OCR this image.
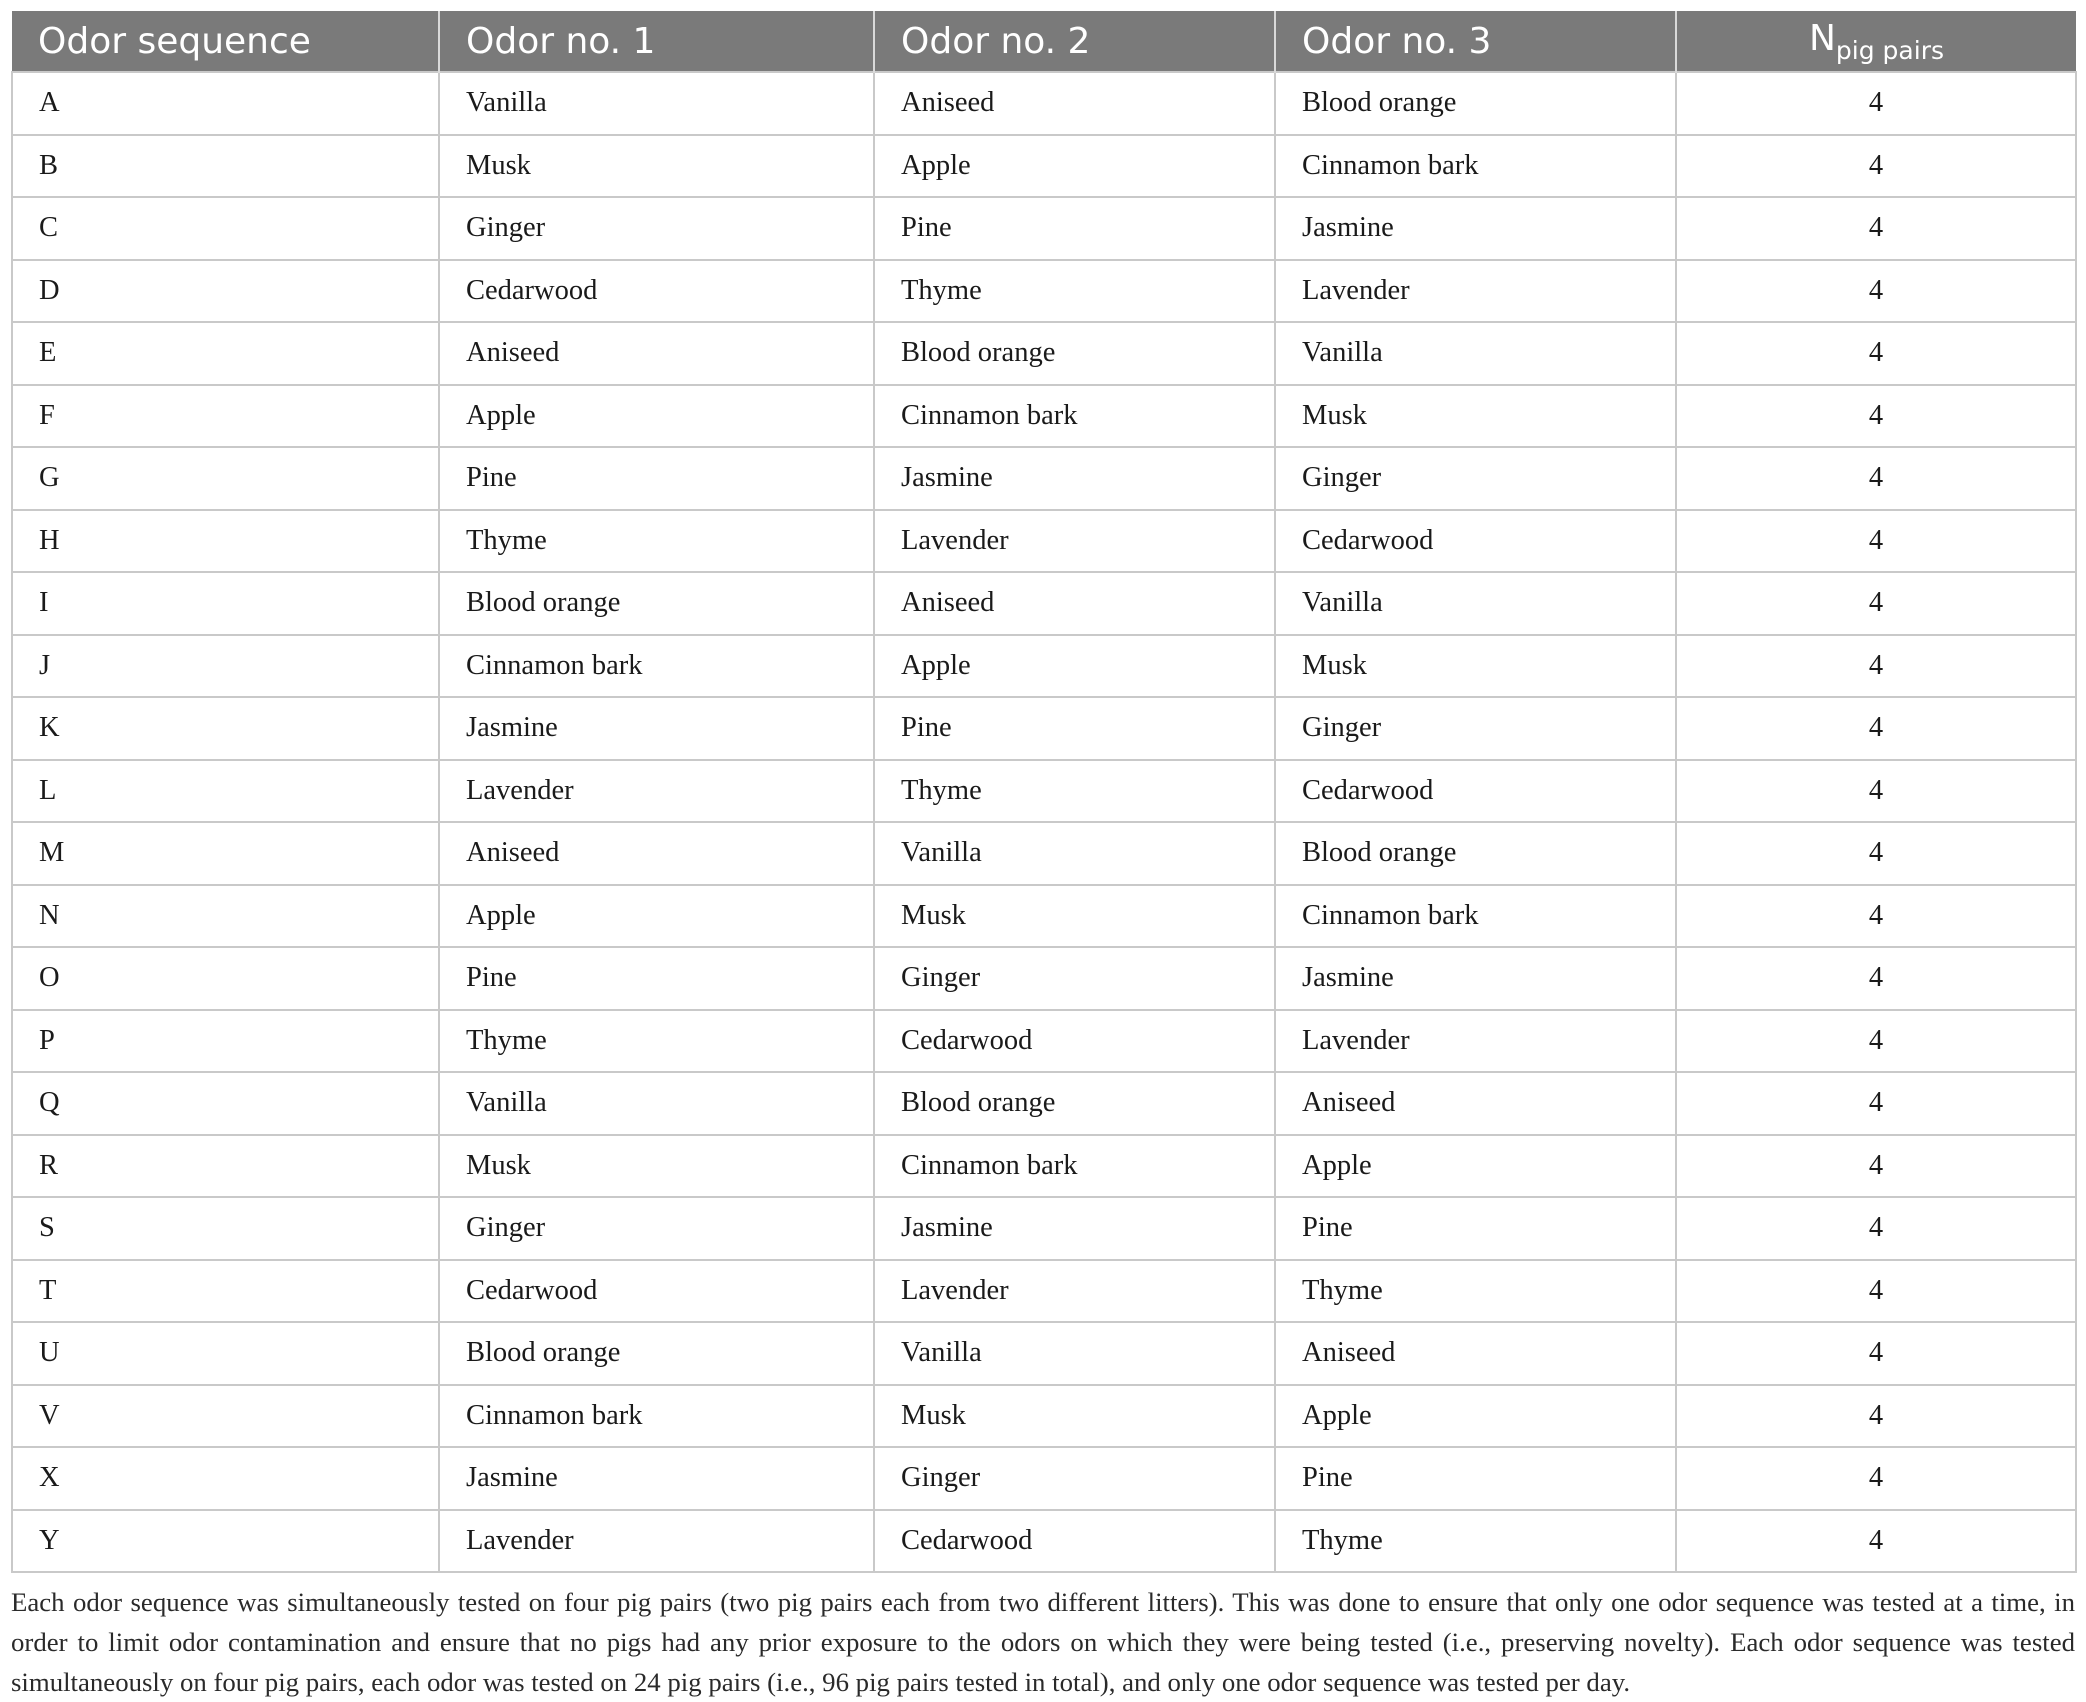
Odor sequence	Odor no. 1	Odor no. 2	Odor no. 3	$N_{pig pairs}$
A	Vanilla	Aniseed	Blood orange	4
B	Musk	Apple	Cinnamon bark	4
C	Ginger	Pine	Jasmine	4
D	Cedarwood	Thyme	Lavender	4
E	Aniseed	Blood orange	Vanilla	4
F	Apple	Cinnamon bark	Musk	4
G	Pine	Jasmine	Ginger	4
H	Thyme	Lavender	Cedarwood	4
I	Blood orange	Aniseed	Vanilla	4
J	Cinnamon bark	Apple	Musk	4
K	Jasmine	Pine	Ginger	4
L	Lavender	Thyme	Cedarwood	4
M	Aniseed	Vanilla	Blood orange	4
N	Apple	Musk	Cinnamon bark	4
O	Pine	Ginger	Jasmine	4
P	Thyme	Cedarwood	Lavender	4
Q	Vanilla	Blood orange	Aniseed	4
R	Musk	Cinnamon bark	Apple	4
S	Ginger	Jasmine	Pine	4
T	Cedarwood	Lavender	Thyme	4
U	Blood orange	Vanilla	Aniseed	4
V	Cinnamon bark	Musk	Apple	4
X	Jasmine	Ginger	Pine	4
Y	Lavender	Cedarwood	Thyme	4
Each odor sequence was simultaneously tested on four pig pairs (two pig pairs each from two different litters). This was done to ensure that only one odor sequence was tested at a time, in order to limit odor contamination and ensure that no pigs had any prior exposure to the odors on which they were being tested (i.e., preserving novelty). Each odor sequence was tested simultaneously on four pig pairs, each odor was tested on 24 pig pairs (i.e., 96 pig pairs tested in total), and only one odor sequence was tested per day.
